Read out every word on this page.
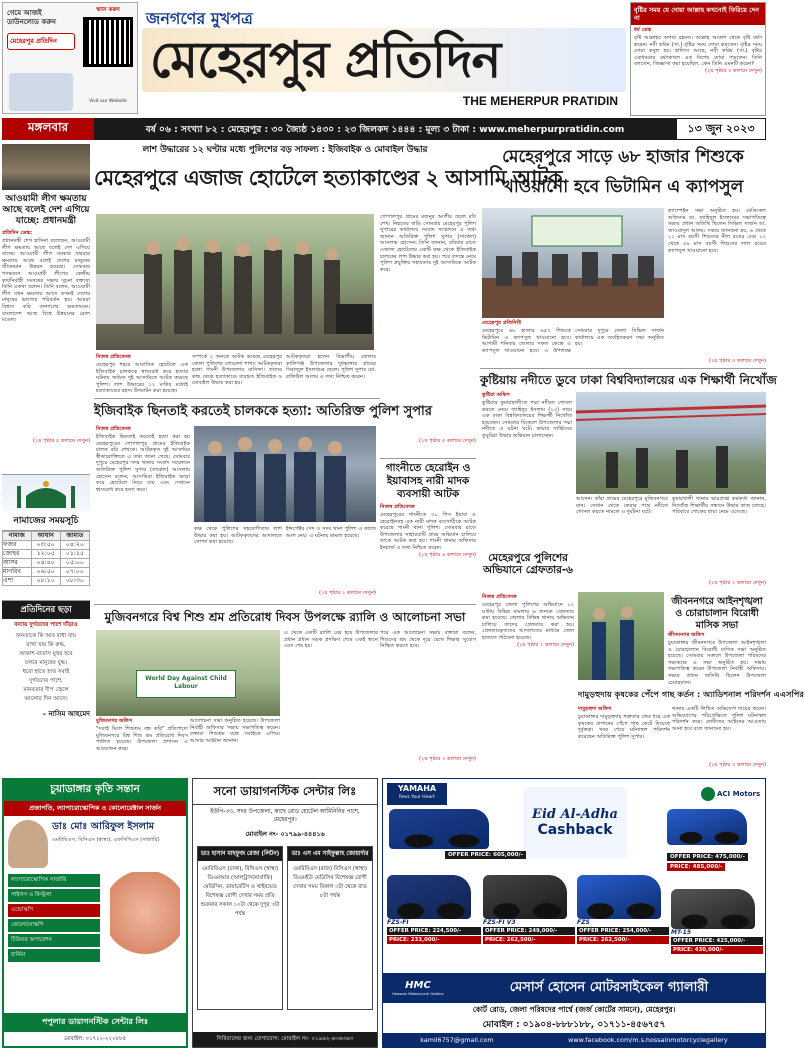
গেমে আজই
ডাউনলোড করুন
মেহেরপুর প্রতিদিন
স্ক্যান করুন
Visit our Website
জনগণের মুখপত্র
মেহেরপুর প্রতিদিন
THE MEHERPUR PRATIDIN
বৃষ্টির সময় যে দোয়া আল্লাহ কখনোই ফিরিয়ে দেন না
ধর্ম ডেস্ক
বৃষ্টি আল্লাহর অপার রহমত। আল্লাহ আকাশ থেকে বৃষ্টি বর্ষণ করেন। নবী করিম (সা.) বৃষ্টির সময় দোয়া করতেন। বৃষ্টির সময় দোয়া কবুল হয়। হাদিসে আছে, নবী করিম (সা.) বৃষ্টির একধরনের বর্ষণকালে এক বিশেষ দোয়া পড়তেন। তিনি বলতেন, জিজ্ঞাসা করা হয়েছিল, কেন তিনি এমনটি করেন?
(২য় পৃষ্ঠার ৩ কলামে দেখুন)
মঙ্গলবার	বর্ষ ০৬ : সংখ্যা ৮২ : মেহেরপুর : ৩০ জ্যৈষ্ঠ ১৪৩০ : ২৩ জিলকদ ১৪৪৪ : মূল্য ৩ টাকা : www.meherpurpratidin.com	১৩ জুন ২০২৩
আওয়ামী লীগ ক্ষমতায় আছে বলেই দেশ এগিয়ে যাচ্ছে: প্রধানমন্ত্রী
প্রতিদিন ডেস্ক:
প্রধানমন্ত্রী শেখ হাসিনা বলেছেন, আওয়ামী লীগ ক্ষমতায় আছে বলেই দেশ এগিয়ে যাচ্ছে। আওয়ামী লীগ সরকার বারবার ক্ষমতায় আছে বলেই দেশের মানুষের জীবনমান উন্নয়ন হয়েছে। সোমবার গণভবনে আওয়ামী লীগের কেন্দ্রীয় কার্যনির্বাহী সংসদের সভায় সূচনা বক্তব্যে তিনি একথা বলেন। তিনি বলেন, আওয়ামী লীগ যখন ক্ষমতায় আসে তখনই দেশের মানুষের ভাগ্যের পরিবর্তন হয়। আমরা বিশ্বাস করি জনগণের ক্ষমতায়নে। বাংলাদেশ আজ বিশ্বে উন্নয়নের রোল মডেল।
(২য় পৃষ্ঠার ৫ কলামে দেখুন)
নামাজের সময়সূচি
নামাজ	আযান	জামাত
ফজর	০৩:৫০	০৪:২০
জোহর	১২:০৫	০১:১৫
আসর	০৪:৪০	০৫:০০
মাগরিব	০৬:৫০	০৭:০০
এশা	০৮:১০	০৮:৩০
প্রতিদিনের ছড়া
বন্যায় দুর্গতদের পাশে দাঁড়াও
জনতাকে কি আর বাধা যায়
রাখা যায় কি রুদ্ধ,
আকাশ-বাতাস মুখর হবে
চলবে মানুষের যুদ্ধ।
ধরো হাতে হাত সবাই
দুর্গতদের পাশে,
মানবতার দীপ জ্বেলে
আলোর দিন আসে।
– নাসিম আহমেদ
লাশ উদ্ধারের ১২ ঘণ্টার মধ্যে পুলিশের বড় সাফল্য : ইজিবাইক ও মোবাইল উদ্ধার
মেহেরপুরে এজাজ হোটেলে হত্যাকাণ্ডের ২ আসামি আটক
নিজস্ব প্রতিবেদক
মেহেরপুর শহরে আবাসিক হোটেলে এক ইজিবাইক চালককে শ্বাসরোধ করে হত্যার ঘটনায় জড়িত দুই আসামিকে আটক করেছে পুলিশ। লাশ উদ্ধারের ১২ ঘণ্টার মধ্যেই হত্যাকাণ্ডের রহস্য উদঘাটন করা হয়েছে।
সম্পর্কে ২ জনকে আটক করেছে মেহেরপুর জেলা পুলিশের গোয়েন্দা শাখা। আটককৃতরা হলো গাংনী উপজেলার বাসিন্দা। তাদের কাছ থেকে হত্যাকাণ্ডে ব্যবহৃত ইজিবাইক ও মোবাইল উদ্ধার করা হয়।
আটককৃতরা হলেন বিভাগীয় জেলার কালিগঞ্জ উপজেলার দুধভাঙ্গার গ্রামের সিরাজুল ইসলামের ছেলে। পুলিশ সুপার মো. রাফিউল আলম এ তথ্য নিশ্চিত করেন।
গোপালপুর গ্রামের মজনুর আলীর ছেলে রবি শেখ। নিহতের বাড়ি সোমবার মেহেরপুর পুলিশ সুপারের কার্যালয়ে সংবাদ সম্মেলনে এ তথ্য জানান অতিরিক্ত পুলিশ সুপার (সার্কেল) আসলাম হোসেন। তিনি জানান, রবিবার রাতে এজাজ হোটেলের একটি কক্ষ থেকে ইজিবাইক চালকের লাশ উদ্ধার করা হয়। পরে তদন্তে নেমে পুলিশ প্রযুক্তির সহায়তায় দুই আসামিকে আটক করে।
(২য় পৃষ্ঠার ৫ কলামে দেখুন)
ইজিবাইক ছিনতাই করতেই চালককে হত্যা: অতিরিক্ত পুলিশ সুপার
নিজস্ব প্রতিবেদক
ইজিবাইক ছিনতাই করতেই হত্যা করা হয় মেহেরপুরের গোপালপুর গ্রামের ইজিবাইক চালক রবি শেখকে। আটককৃত দুই আসামির স্বীকারোক্তিতে এ তথ্য জানা গেছে। সোমবার দুপুরে মেহেরপুর সদর থানায় সংবাদ সম্মেলনে অতিরিক্ত পুলিশ সুপার (সার্কেল) আসলাম হোসেন বলেন, আসামিরা ইজিবাইক ভাড়া করে হোটেলে নিয়ে যায় এবং সেখানে শ্বাসরোধ করে হত্যা করে।
কক্ষ থেকে পুলিশের সহযোগিতায় লাশ উদ্ধার করা হয়। আটককৃতদের আদালতে সোপর্দ করা হয়েছে।
ইন্সপেক্টর সেদ ও সদর থানা পুলিশ এ কাজে অংশ নেয়। এ ঘটনায় মামলা হয়েছে।
(২য় পৃষ্ঠার ২ কলামে দেখুন)
গাংনীতে হেরোইন ও ইয়াবাসহ নারী মাদক ব্যবসায়ী আটক
নিজস্ব প্রতিবেদক
মেহেরপুরের গাংনীতে ৩০ পিস ইয়াবা ও হেরোইনসহ এক নারী মাদক ব্যবসায়ীকে আটক করেছে গাংনী থানা পুলিশ। সোমবার রাতে উপজেলার সাহারবাটি গ্রামে অভিযান চালিয়ে তাকে আটক করা হয়। গাংনী থানার অফিসার ইনচার্জ এ তথ্য নিশ্চিত করেন।
(২য় পৃষ্ঠার ৪ কলামে দেখুন)
মুজিবনগরে বিশ্ব শিশু শ্রম প্রতিরোধ দিবস উপলক্ষে র‍্যালি ও আলোচনা সভা
World Day Against Child Labour
মুজিবনগর অফিস
"সবাই মিলে শিশুশ্রম বন্ধ করি" প্রতিপাদ্যে মুজিবনগরে বিশ্ব শিশু শ্রম প্রতিরোধ দিবস পালিত হয়েছে। উপজেলা প্রশাসন এ আয়োজন করে।
আলোচনা সভা অনুষ্ঠিত হয়েছে। উপজেলা নির্বাহী অফিসার সভায় সভাপতিত্ব করেন। বক্তারা শিশুশ্রম বন্ধে সবাইকে এগিয়ে আসার আহ্বান জানান।
এ থেকে একটি র‍্যালি বের হয়ে উপজেলার প্রধান প্রধান সড়ক প্রদক্ষিণ শেষে একই স্থানে এসে শেষ হয়।
পরে এক আলোচনা সভায় বক্তারা বলেন, শিশুদের শ্রম থেকে দূরে রেখে শিক্ষার সুযোগ নিশ্চিত করতে হবে।
(২য় পৃষ্ঠার ৩ কলামে দেখুন)
মেহেরপুরে সাড়ে ৬৮ হাজার শিশুকে খাওয়ানো হবে ভিটামিন এ ক্যাপসুল
মেহেরপুর প্রতিনিধি
মেহেরপুরে ৬৮ হাজার ৬৫৭ শিশুকে ভিটামিন এ ক্যাপসুল খাওয়ানো হবে। আগামী শনিবার জেলার সকল কেন্দ্রে এ ক্যাপসুল খাওয়ানো হবে। এ উপলক্ষে সোমবার দুপুরে জেলা সিভিল সার্জন কার্যালয়ে এক অবহিতকরণ সভা অনুষ্ঠিত হয়।
ক্যাম্পেইন সভা অনুষ্ঠিত হয়। মেডিকেল অফিসার ডা. জাহিদুল ইসলামের সভাপতিত্বে সভায় প্রধান অতিথি ছিলেন সিভিল সার্জন ডা. জাওয়াদুল আলম। সভায় জানানো হয়, ৬ থেকে ১১ মাস বয়সী শিশুদের নীল রঙের এবং ১২ থেকে ৫৯ মাস বয়সী শিশুদের লাল রঙের ক্যাপসুল খাওয়ানো হবে।
(২য় পৃষ্ঠার ৩ কলামে দেখুন)
কুষ্টিয়ায় নদীতে ডুবে ঢাকা বিশ্ববিদ্যালয়ের এক শিক্ষার্থী নিখোঁজ
কুষ্টিয়া অফিস
কুষ্টিয়ার কুমারখালীতে পদ্মা নদীতে গোসল করতে নেমে জাহিদুর ইসলাম (২৩) নামে এক ঢাকা বিশ্ববিদ্যালয়ের শিক্ষার্থী নিখোঁজ হয়েছেন। সোমবার বিকেলে উপজেলার পদ্মা নদীতে এ ঘটনা ঘটে। ফায়ার সার্ভিসের ডুবুরিরা উদ্ধার অভিযান চালাচ্ছেন।
আসেন। তাঁরা গ্রামের মেহেরপুরে মুজিবনগরে যান। সেখান থেকে ফেরার পথে নদীতে গোসল করতে নামলে এ দুর্ঘটনা ঘটে।
কুমারখালী থানার ভারপ্রাপ্ত কর্মকর্তা জানান, নিখোঁজ শিক্ষার্থীর সন্ধানে উদ্ধার কাজ চলছে। পরিবারে শোকের ছায়া নেমে এসেছে।
(২য় পৃষ্ঠার ২ কলামে দেখুন)
মেহেরপুরে পুলিশের অভিযানে গ্রেফতার-৬
নিজস্ব প্রতিবেদক
মেহেরপুর জেলা পুলিশের অভিযানে ১২ ঘণ্টায় বিভিন্ন মামলায় ৬ জনকে গ্রেফতার করা হয়েছে। জেলার বিভিন্ন থানায় অভিযান চালিয়ে তাদের গ্রেফতার করা হয়। গ্রেফতারকৃতদের আদালতের মাধ্যমে জেল হাজতে পাঠানো হয়েছে।
(২য় পৃষ্ঠার ২ কলামে দেখুন)
দামুড়হুদায় কৃষকের পেঁপে গাছ কর্তন : অ্যাডিশনাল পরিদর্শন এএসপির
দামুড়হুদা অফিস
চুয়াডাঙ্গার দামুড়হুদায় শত্রুতার জের ধরে এক কৃষকের বাগানের পেঁপে গাছ কেটে দিয়েছে দুর্বৃত্তরা। খবর পেয়ে ঘটনাস্থল পরিদর্শন করেছেন অতিরিক্ত পুলিশ সুপার।
থানায় একটি লিখিত অভিযোগ দায়ের করেন। অভিযোগের পরিপ্রেক্ষিতে পুলিশ ঘটনাস্থল পরিদর্শন করে। দোষীদের আইনের আওতায় আনা হবে বলে জানানো হয়।
(২য় পৃষ্ঠার ৩ কলামে দেখুন)
জীবননগরে আইনশৃঙ্খলা ও চোরাচালান বিরোধী মাসিক সভা
জীবননগর অফিস
চুয়াডাঙ্গার জীবননগরে উপজেলা আইনশৃঙ্খলা ও চোরাচালান বিরোধী মাসিক সভা অনুষ্ঠিত হয়েছে। সোমবার সকালে উপজেলা পরিষদের সভাকক্ষে এ সভা অনুষ্ঠিত হয়। সভায় সভাপতিত্ব করেন উপজেলা নির্বাহী অফিসার। সভায় প্রধান অতিথি ছিলেন উপজেলা চেয়ারম্যান।
চুয়াডাঙ্গার কৃতি সন্তান
প্রজাপতি, ল্যাপারোস্কোপিক ও কোলোরেক্টাল সার্জন
ডাঃ মোঃ আরিফুল ইসলাম
এমবিবিএস, বিসিএস (স্বাস্থ্য), এফসিপিএস (সার্জারি)
ল্যাপারোস্কোপিক সার্জারি
পাইলস ও ফিস্টুলা
এন্ডোস্কপি
কোলোনোস্কপি
টিউমার অপারেশন
হার্নিয়া
পপুলার ডায়াগনস্টিক সেন্টার লিঃ
মোবাইল: ০১৭১২-২২২৮৮৫
সনো ডায়াগনস্টিক সেন্টার লিঃ
ইউপি-৩৩, সদর উপজেলা, কাছে রোড হোটেল আমিনিনির পাশে, মেহেরপুর।
মোবাইল নং- ০১৭৯৯-৪৪৪১৬
ডাঃ হাসান মাহফুজ রেজা (লিটন)
এমবিবিএস (ঢাকা), বিসিএস (স্বাস্থ্য) ডিএমআর (আলট্রাসনোগ্রাফি) মেডিসিন, ডায়াবেটিস ও থাইরয়েড বিশেষজ্ঞ রোগী দেখার সময় প্রতি শুক্রবার সকাল ১০টা থেকে দুপুর ৩টা পর্যন্ত
ডাঃ এস এম সাইফুল্লাহ জোয়ার্দার
এমবিবিএস (রাজ) বিসিএস (স্বাস্থ্য) ডিএমইউ মেডিসিন বিশেষজ্ঞ রোগী দেখার সময় বিকাল ৩টা থেকে রাত ৮টা পর্যন্ত
সিরিয়ালের জন্য যোগাযোগ: মোবাইল নং- ০১৯৬২-৬৩৬৩৬৩
YAMAHA
Revs Your Heart	ACI Motors
Eid Al-Adha
Cashback
OFFER PRICE: 605,000/-	OFFER PRICE: 475,000/-
PRICE: 485,000/-
FZS-FI
OFFER PRICE: 224,500/-
PRICE: 233,000/-
FZS-FI V3
OFFER PRICE: 249,000/-
PRICE: 262,500/-
FZS
OFFER PRICE: 254,000/-
PRICE: 262,500/-
MT-15
OFFER PRICE: 425,000/-
PRICE: 430,000/-
HMC
Hossain Motorcycle Gallery	মেসার্স হোসেন মোটরসাইকেল গ্যালারী
কোর্ট রোড, জেলা পরিষদের পার্শ্বে (জর্জ কোর্টের সামনে), মেহেরপুর।
মোবাইল : ০১৯০৪-৮৮৮১৮৮, ০১৭১১-৪৫৬৭৫৭
kamil6757@gmail.com	www.facebook.com/m.s.hossainmotorcyclegallery
